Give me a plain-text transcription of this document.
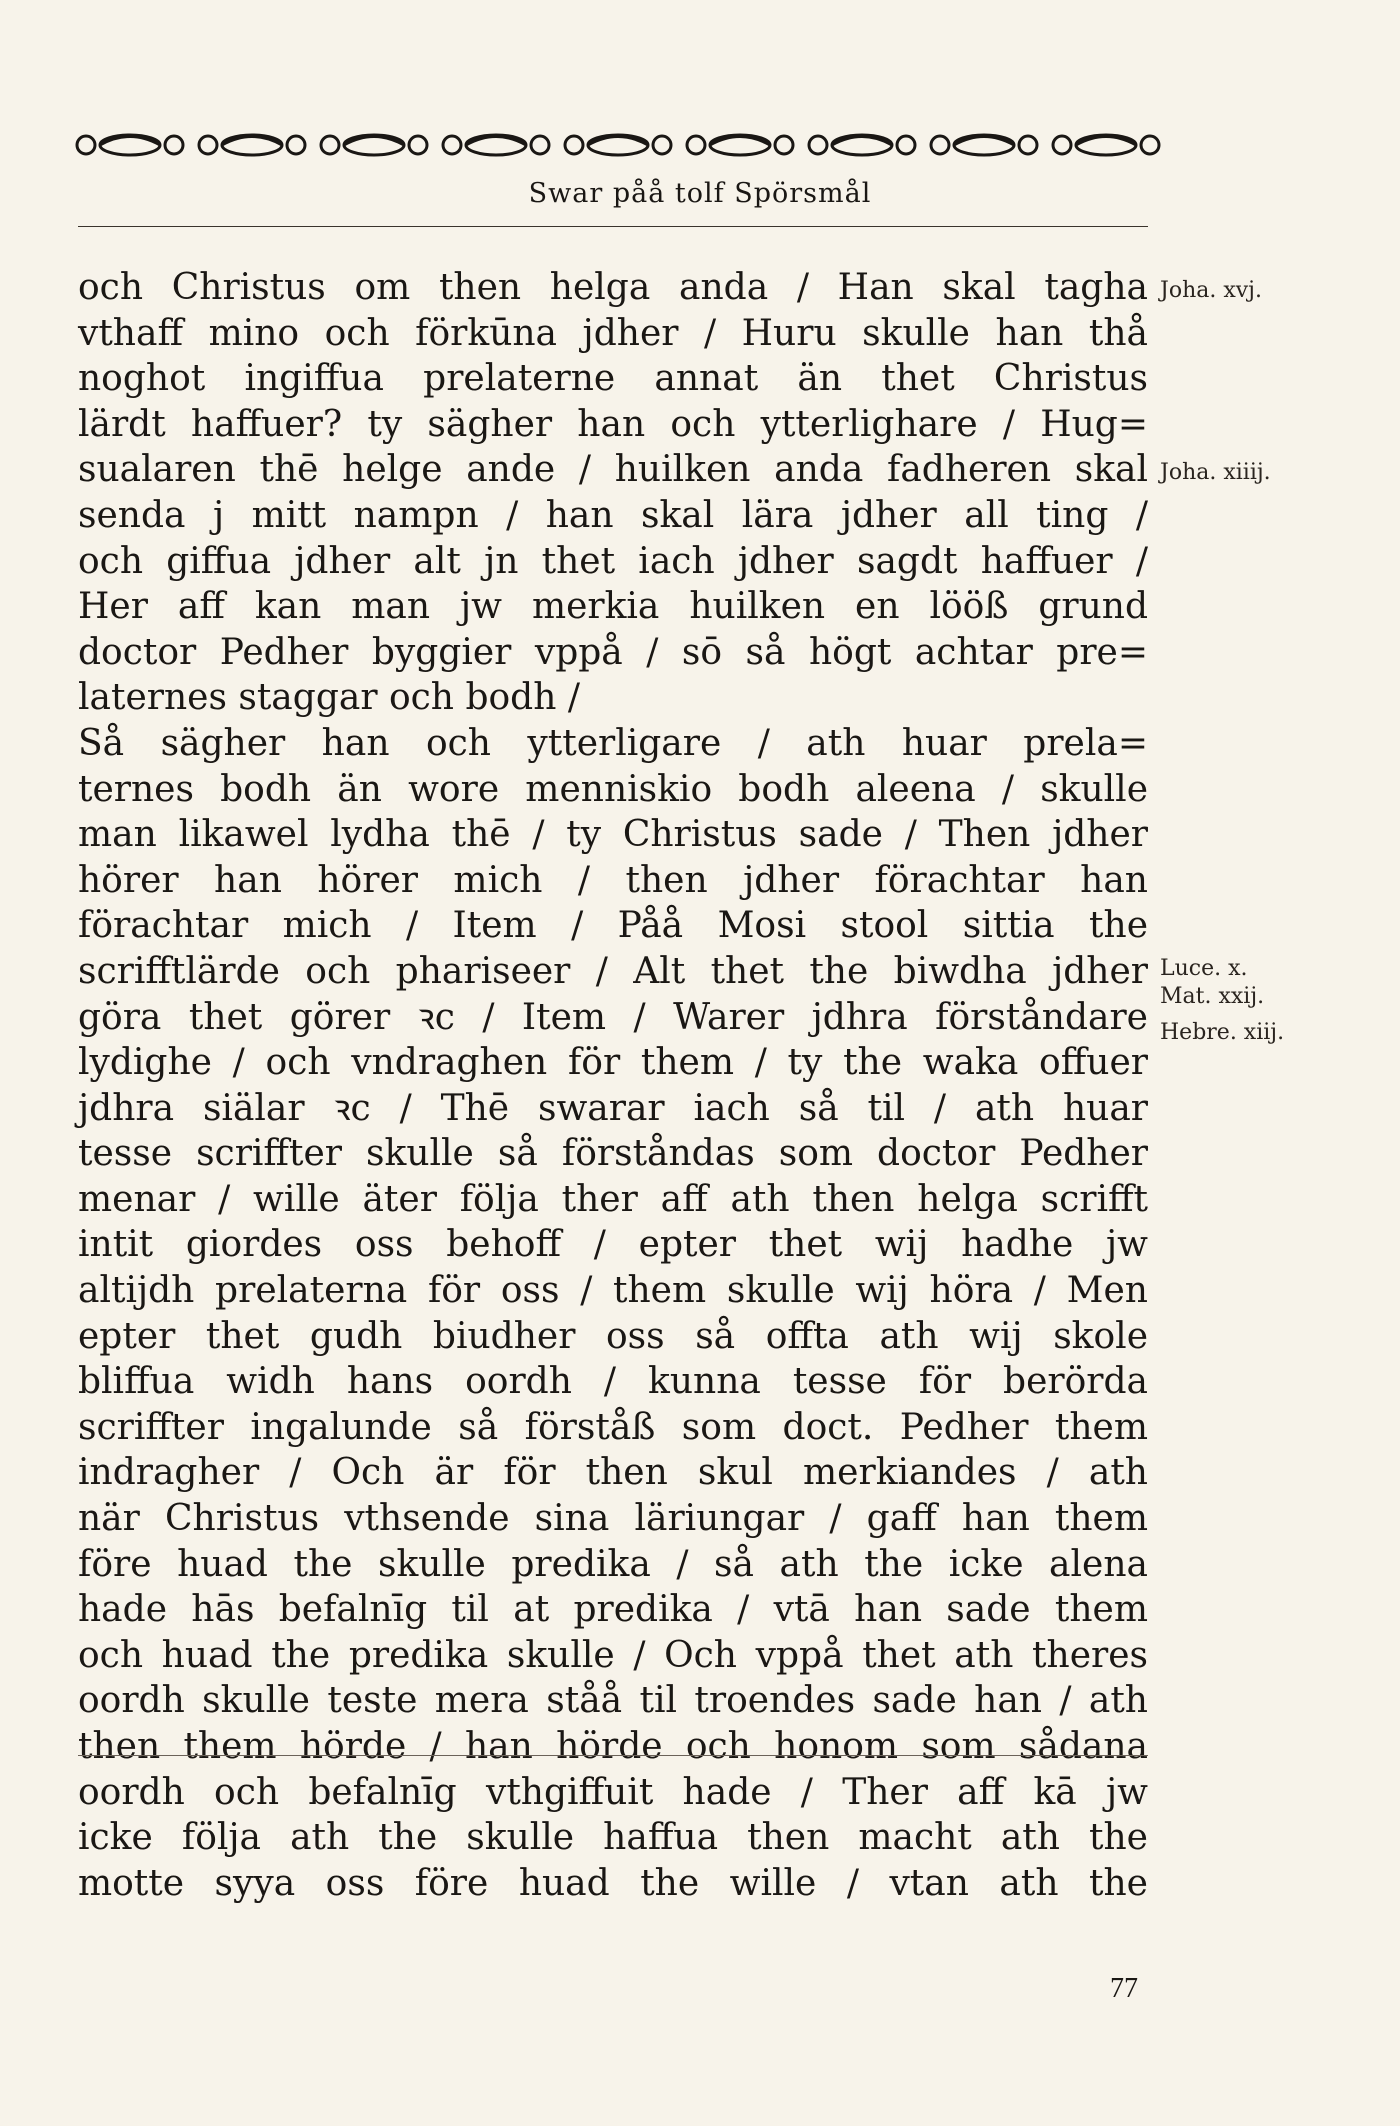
Swar påå tolf Spörsmål
och Christus om then helga anda / Han skal tagha
vthaff mino och förkūna jdher / Huru skulle han thå
noghot ingiffua prelaterne annat än thet Christus
lärdt haffuer? ty sägher han och ytterlighare / Hug=
sualaren thē helge ande / huilken anda fadheren skal
senda j mitt nampn / han skal lära jdher all ting /
och giffua jdher alt jn thet iach jdher sagdt haffuer /
Her aff kan man jw merkia huilken en lööß grund
doctor Pedher byggier vppå / sō så högt achtar pre=
laternes staggar och bodh /
Så sägher han och ytterligare / ath huar prela=
ternes bodh än wore menniskio bodh aleena / skulle
man likawel lydha thē / ty Christus sade / Then jdher
hörer han hörer mich / then jdher förachtar han
förachtar mich / Item / Påå Mosi stool sittia the
scrifftlärde och phariseer / Alt thet the biwdha jdher
göra thet görer ꝛc / Item / Warer jdhra förståndare
lydighe / och vndraghen för them / ty the waka offuer
jdhra siälar ꝛc / Thē swarar iach så til / ath huar
tesse scriffter skulle så förståndas som doctor Pedher
menar / wille äter följa ther aff ath then helga scrifft
intit giordes oss behoff / epter thet wij hadhe jw
altijdh prelaterna för oss / them skulle wij höra / Men
epter thet gudh biudher oss så offta ath wij skole
bliffua widh hans oordh / kunna tesse för berörda
scriffter ingalunde så förståß som doct. Pedher them
indragher / Och är för then skul merkiandes / ath
när Christus vthsende sina läriungar / gaff han them
före huad the skulle predika / så ath the icke alena
hade hās befalnīg til at predika / vtā han sade them
och huad the predika skulle / Och vppå thet ath theres
oordh skulle teste mera ståå til troendes sade han / ath
then them hörde / han hörde och honom som sådana
oordh och befalnīg vthgiffuit hade / Ther aff kā jw
icke följa ath the skulle haffua then macht ath the
motte syya oss före huad the wille / vtan ath the
Joha. xvj.
Joha. xiiij.
Luce. x.
Mat. xxij.
Hebre. xiij.
77
